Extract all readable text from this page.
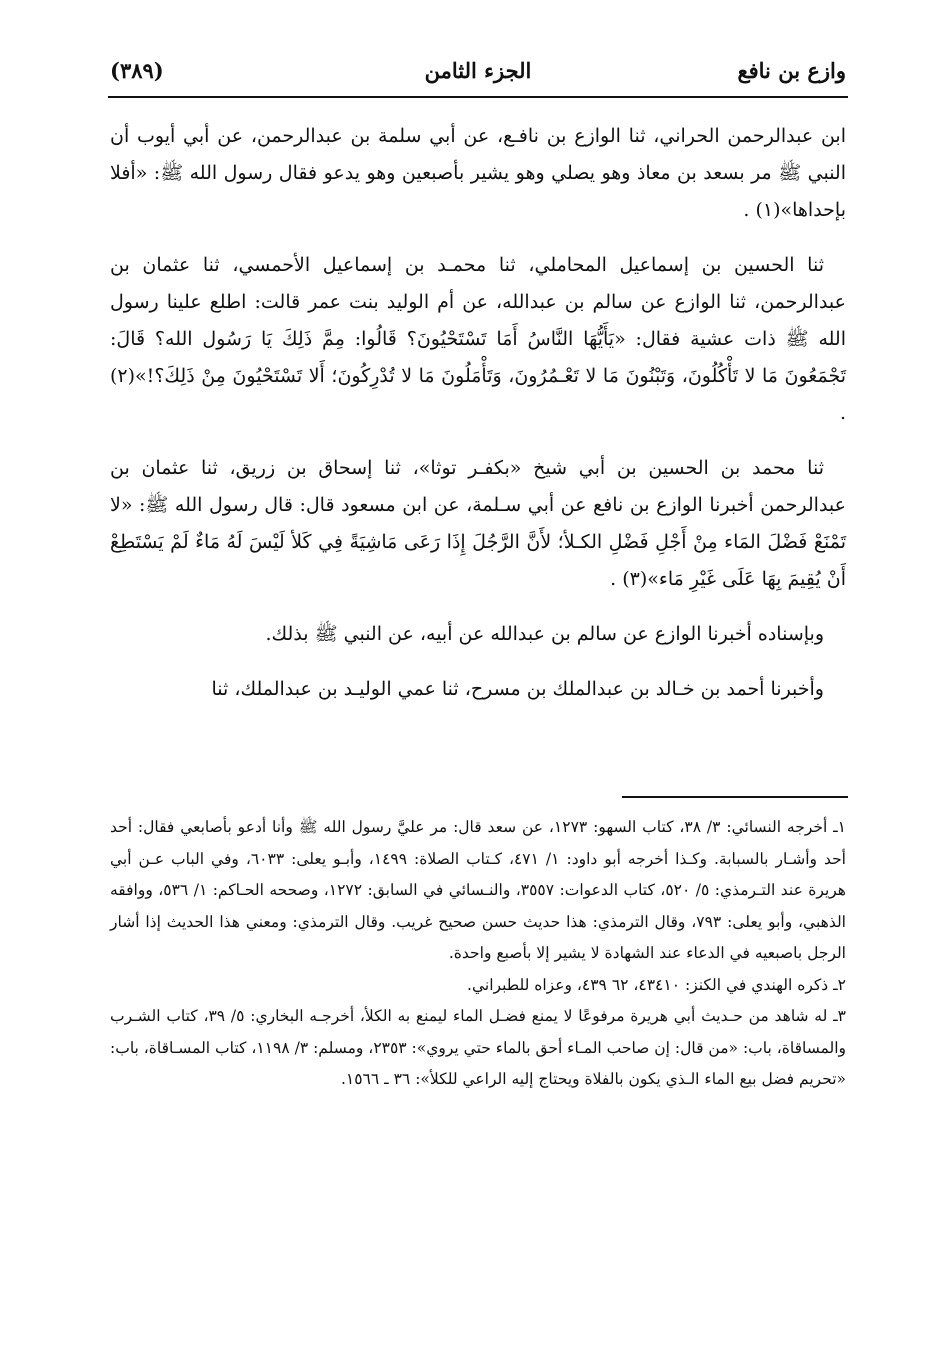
وازع بن نافع
الجزء الثامن
(٣٨٩)

ابن عبدالرحمن الحراني، ثنا الوازع بن نافـع، عن أبي سلمة بن عبدالرحمن، عن أبي أيوب أن النبي ﷺ مر بسعد بن معاذ وهو يصلي وهو يشير بأصبعين وهو يدعو فقال رسول الله ﷺ: «أفلا بإحداها»(١) .

ثنا الحسين بن إسماعيل المحاملي، ثنا محمـد بن إسماعيل الأحمسي، ثنا عثمان بن عبدالرحمن، ثنا الوازع عن سالم بن عبدالله، عن أم الوليد بنت عمر قالت: اطلع علينا رسول الله ﷺ ذات عشية فقال: «يَأَيُّهَا النَّاسُ أَمَا تَسْتَحْيُونَ؟ قَالُوا: مِمَّ ذَلِكَ يَا رَسُول الله؟ قَالَ: تَجْمَعُونَ مَا لا تَأْكُلُونَ، وَتَبْنُونَ مَا لا تَعْـمُرُونَ، وَتَأْمَلُونَ مَا لا تُدْرِكُونَ؛ أَلا تَسْتَحْيُونَ مِنْ ذَلِكَ؟!»(٢) .

ثنا محمد بن الحسين بن أبي شيخ «بكفـر توثا»، ثنا إسحاق بن زريق، ثنا عثمان بن عبدالرحمن أخبرنا الوازع بن نافع عن أبي سـلمة، عن ابن مسعود قال: قال رسول الله ﷺ: «لا تَمْنَعْ فَضْلَ المَاء مِنْ أَجْلِ فَضْلِ الكـلأ؛ لأَنَّ الرَّجُلَ إِذَا رَعَى مَاشِيَةً فِي كَلأ لَيْسَ لَهُ مَاءٌ لَمْ يَسْتَطِعْ أَنْ يُقِيمَ بِهَا عَلَى غَيْرِ مَاء»(٣) .

وبإسناده أخبرنا الوازع عن سالم بن عبدالله عن أبيه، عن النبي ﷺ بذلك.

وأخبرنا أحمد بن خـالد بن عبدالملك بن مسرح، ثنا عمي الوليـد بن عبدالملك، ثنا

١ـ أخرجه النسائي: ٣/ ٣٨، كتاب السهو: ١٢٧٣، عن سعد قال: مر عليَّ رسول الله ﷺ وأنا أدعو بأصابعي فقال: أحد أحد وأشـار بالسبابة. وكـذا أخرجه أبو داود: ١/ ٤٧١، كـتاب الصلاة: ١٤٩٩، وأبـو يعلى: ٦٠٣٣، وفي الباب عـن أبي هريرة عند التـرمذي: ٥/ ٥٢٠، كتاب الدعوات: ٣٥٥٧، والنـسائي في السابق: ١٢٧٢، وصححه الحـاكم: ١/ ٥٣٦، ووافقه الذهبي، وأبو يعلى: ٧٩٣، وقال الترمذي: هذا حديث حسن صحيح غريب. وقال الترمذي: ومعني هذا الحديث إذا أشار الرجل باصبعيه في الدعاء عند الشهادة لا يشير إلا بأصبع واحدة.

٢ـ ذكره الهندي في الكنز: ٤٣٤١٠، ٦٢ ٤٣٩، وعزاه للطبراني.

٣ـ له شاهد من حـديث أبي هريرة مرفوعًا لا يمنع فضـل الماء ليمنع به الكلأ، أخرجـه البخاري: ٥/ ٣٩، كتاب الشـرب والمساقاة، باب: «من قال: إن صاحب المـاء أحق بالماء حتي يروي»: ٢٣٥٣، ومسلم: ٣/ ١١٩٨، كتاب المسـاقاة، باب: «تحريم فضل بيع الماء الـذي يكون بالفلاة ويحتاج إليه الراعي للكلأ»: ٣٦ ـ ١٥٦٦.
